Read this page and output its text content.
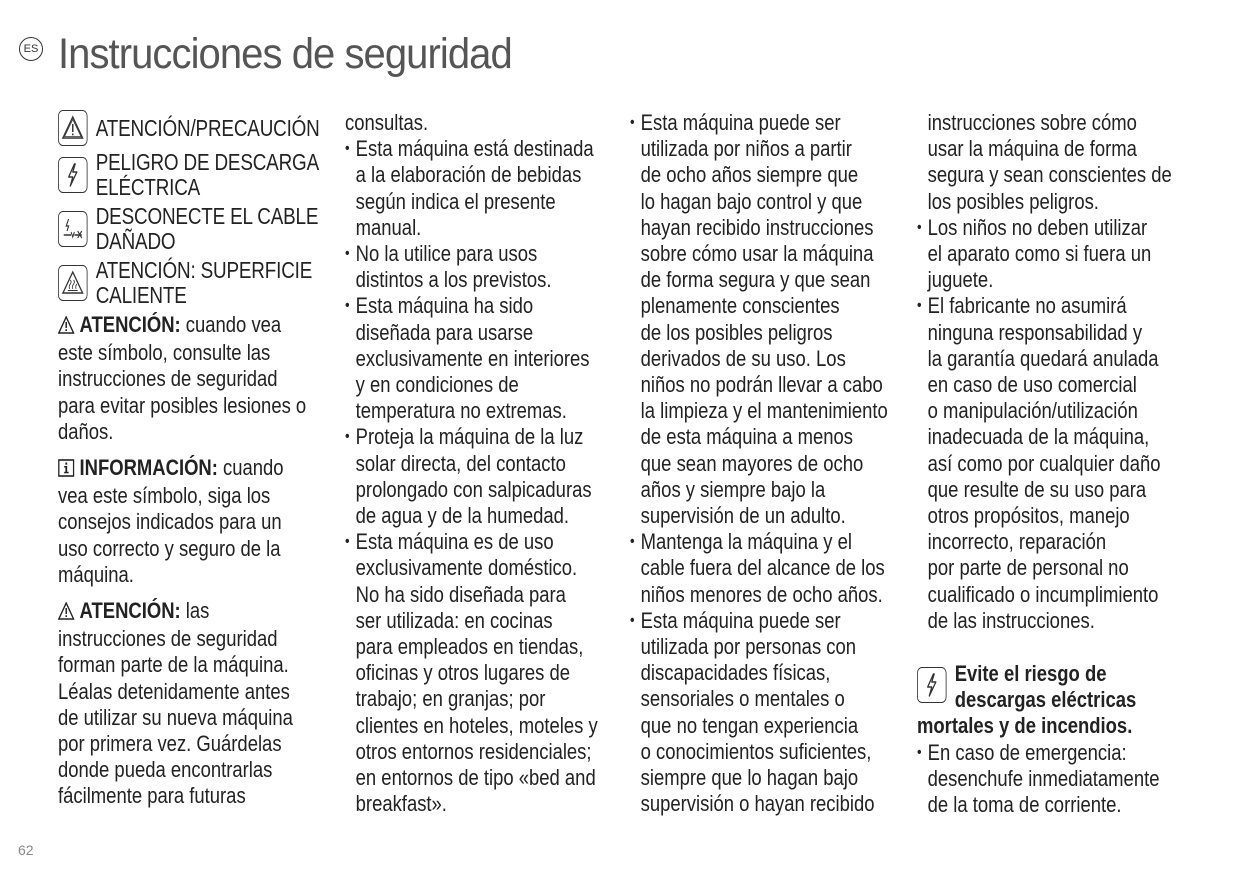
ES Instrucciones de seguridad
ATENCIÓN/PRECAUCIÓN
PELIGRO DE DESCARGA
ELÉCTRICA
DESCONECTE EL CABLE
DAÑADO
ATENCIÓN: SUPERFICIE
CALIENTE
ATENCIÓN: cuando vea
este símbolo, consulte las
instrucciones de seguridad
para evitar posibles lesiones o
daños.
INFORMACIÓN: cuando
vea este símbolo, siga los
consejos indicados para un
uso correcto y seguro de la
máquina.
ATENCIÓN: las
instrucciones de seguridad
forman parte de la máquina.
Léalas detenidamente antes
de utilizar su nueva máquina
por primera vez. Guárdelas
donde pueda encontrarlas
fácilmente para futuras
consultas.
• Esta máquina está destinada
a la elaboración de bebidas
según indica el presente
manual.
• No la utilice para usos
distintos a los previstos.
• Esta máquina ha sido
diseñada para usarse
exclusivamente en interiores
y en condiciones de
temperatura no extremas.
• Proteja la máquina de la luz
solar directa, del contacto
prolongado con salpicaduras
de agua y de la humedad.
• Esta máquina es de uso
exclusivamente doméstico.
No ha sido diseñada para
ser utilizada: en cocinas
para empleados en tiendas,
oficinas y otros lugares de
trabajo; en granjas; por
clientes en hoteles, moteles y
otros entornos residenciales;
en entornos de tipo «bed and
breakfast».
• Esta máquina puede ser
utilizada por niños a partir
de ocho años siempre que
lo hagan bajo control y que
hayan recibido instrucciones
sobre cómo usar la máquina
de forma segura y que sean
plenamente conscientes
de los posibles peligros
derivados de su uso. Los
niños no podrán llevar a cabo
la limpieza y el mantenimiento
de esta máquina a menos
que sean mayores de ocho
años y siempre bajo la
supervisión de un adulto.
• Mantenga la máquina y el
cable fuera del alcance de los
niños menores de ocho años.
• Esta máquina puede ser
utilizada por personas con
discapacidades físicas,
sensoriales o mentales o
que no tengan experiencia
o conocimientos suficientes,
siempre que lo hagan bajo
supervisión o hayan recibido
instrucciones sobre cómo
usar la máquina de forma
segura y sean conscientes de
los posibles peligros.
• Los niños no deben utilizar
el aparato como si fuera un
juguete.
• El fabricante no asumirá
ninguna responsabilidad y
la garantía quedará anulada
en caso de uso comercial
o manipulación/utilización
inadecuada de la máquina,
así como por cualquier daño
que resulte de su uso para
otros propósitos, manejo
incorrecto, reparación
por parte de personal no
cualificado o incumplimiento
de las instrucciones.
Evite el riesgo de
descargas eléctricas
mortales y de incendios.
• En caso de emergencia:
desenchufe inmediatamente
de la toma de corriente.
62
